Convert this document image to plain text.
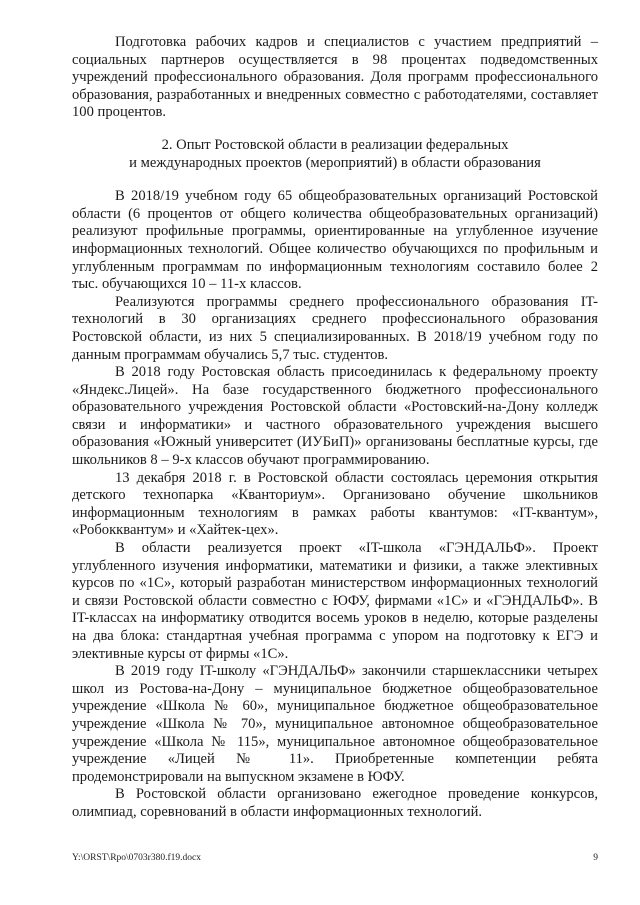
Подготовка рабочих кадров и специалистов с участием предприятий – социальных партнеров осуществляется в 98 процентах подведомственных учреждений профессионального образования. Доля программ профессионального образования, разработанных и внедренных совместно с работодателями, составляет 100 процентов.

2. Опыт Ростовской области в реализации федеральных
и международных проектов (мероприятий) в области образования

В 2018/19 учебном году 65 общеобразовательных организаций Ростовской области (6 процентов от общего количества общеобразовательных организаций) реализуют профильные программы, ориентированные на углубленное изучение информационных технологий. Общее количество обучающихся по профильным и углубленным программам по информационным технологиям составило более 2 тыс. обучающихся 10 – 11-х классов.

Реализуются программы среднего профессионального образования IT-технологий в 30 организациях среднего профессионального образования Ростовской области, из них 5 специализированных. В 2018/19 учебном году по данным программам обучались 5,7 тыс. студентов.

В 2018 году Ростовская область присоединилась к федеральному проекту «Яндекс.Лицей». На базе государственного бюджетного профессионального образовательного учреждения Ростовской области «Ростовский-на-Дону колледж связи и информатики» и частного образовательного учреждения высшего образования «Южный университет (ИУБиП)» организованы бесплатные курсы, где школьников 8 – 9-х классов обучают программированию.

13 декабря 2018 г. в Ростовской области состоялась церемония открытия детского технопарка «Кванториум». Организовано обучение школьников информационным технологиям в рамках работы квантумов: «IT-квантум», «Робокквантум» и «Хайтек-цех».

В области реализуется проект «IT-школа «ГЭНДАЛЬФ». Проект углубленного изучения информатики, математики и физики, а также элективных курсов по «1С», который разработан министерством информационных технологий и связи Ростовской области совместно с ЮФУ, фирмами «1С» и «ГЭНДАЛЬФ». В IT-классах на информатику отводится восемь уроков в неделю, которые разделены на два блока: стандартная учебная программа с упором на подготовку к ЕГЭ и элективные курсы от фирмы «1С».

В 2019 году IT-школу «ГЭНДАЛЬФ» закончили старшеклассники четырех школ из Ростова-на-Дону – муниципальное бюджетное общеобразовательное учреждение «Школа № 60», муниципальное бюджетное общеобразовательное учреждение «Школа № 70», муниципальное автономное общеобразовательное учреждение «Школа № 115», муниципальное автономное общеобразовательное учреждение «Лицей № 11». Приобретенные компетенции ребята продемонстрировали на выпускном экзамене в ЮФУ.

В Ростовской области организовано ежегодное проведение конкурсов, олимпиад, соревнований в области информационных технологий.

Y:\ORST\Rpo\0703r380.f19.docx	9
